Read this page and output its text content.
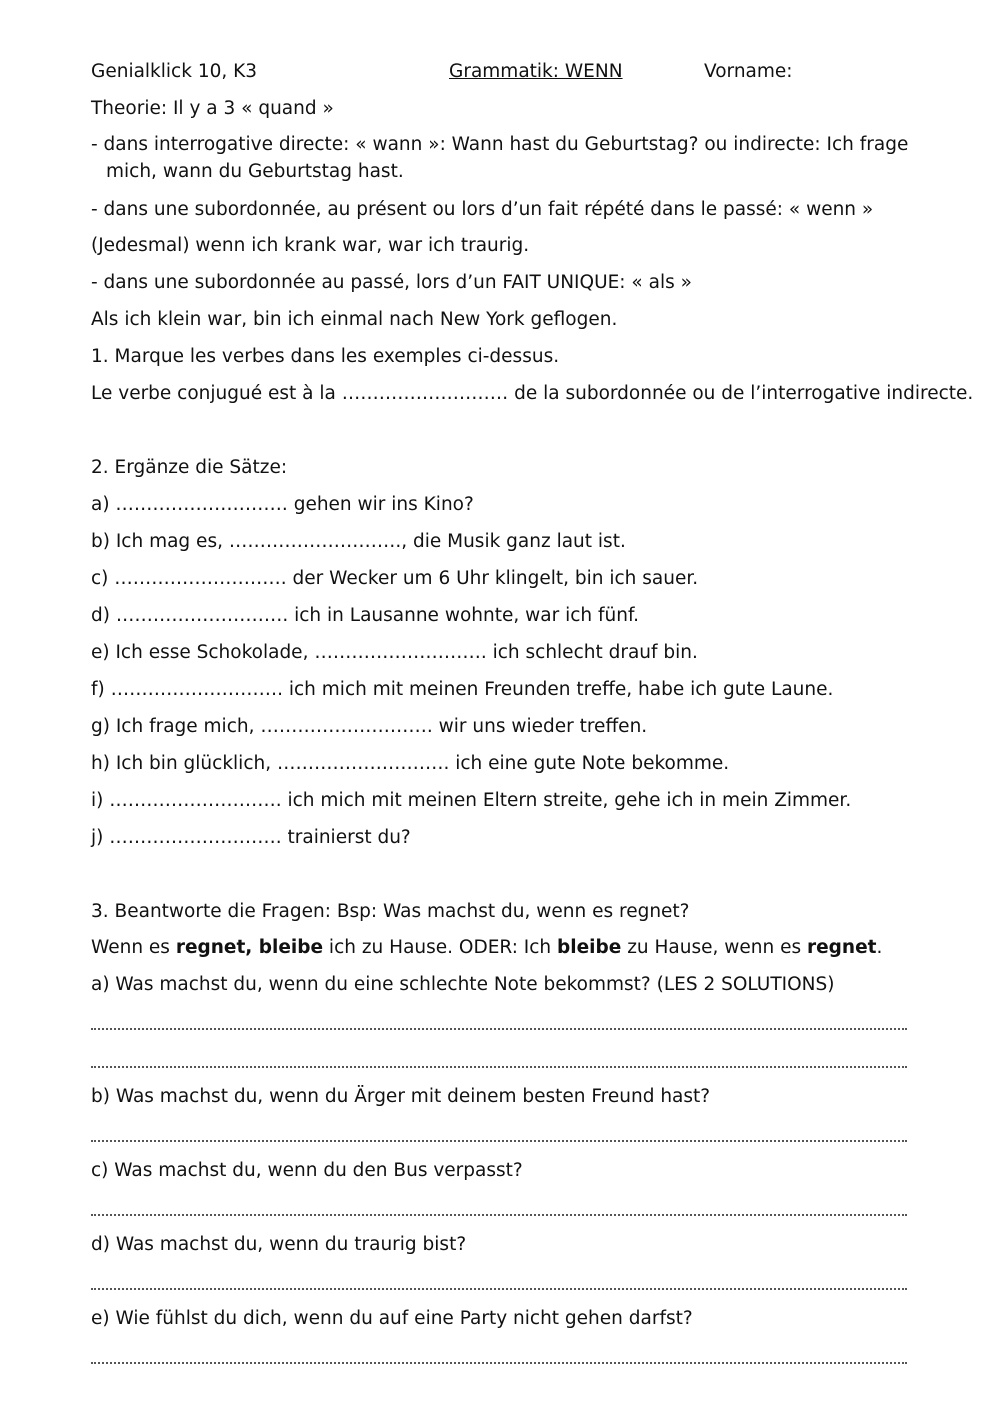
Genialklick 10, K3	Grammatik: WENN	Vorname:
Theorie: Il y a 3 « quand »
- dans interrogative directe: « wann »: Wann hast du Geburtstag? ou indirecte: Ich frage
mich, wann du Geburtstag hast.
- dans une subordonnée, au présent ou lors d’un fait répété dans le passé: « wenn »
(Jedesmal) wenn ich krank war, war ich traurig.
- dans une subordonnée au passé, lors d’un FAIT UNIQUE: « als »
Als ich klein war, bin ich einmal nach New York geflogen.
1. Marque les verbes dans les exemples ci-dessus.
Le verbe conjugué est à la ……………………… de la subordonnée ou de l’interrogative indirecte.
2. Ergänze die Sätze:
a) ………………………. gehen wir ins Kino?
b) Ich mag es, ………………………., die Musik ganz laut ist.
c) ………………………. der Wecker um 6 Uhr klingelt, bin ich sauer.
d) ………………………. ich in Lausanne wohnte, war ich fünf.
e) Ich esse Schokolade, ………………………. ich schlecht drauf bin.
f) ………………………. ich mich mit meinen Freunden treffe, habe ich gute Laune.
g) Ich frage mich, ………………………. wir uns wieder treffen.
h) Ich bin glücklich, ………………………. ich eine gute Note bekomme.
i) ………………………. ich mich mit meinen Eltern streite, gehe ich in mein Zimmer.
j) ………………………. trainierst du?
3. Beantworte die Fragen: Bsp: Was machst du, wenn es regnet?
Wenn es regnet, bleibe ich zu Hause. ODER: Ich bleibe zu Hause, wenn es regnet.
a) Was machst du, wenn du eine schlechte Note bekommst? (LES 2 SOLUTIONS)
b) Was machst du, wenn du Ärger mit deinem besten Freund hast?
c) Was machst du, wenn du den Bus verpasst?
d) Was machst du, wenn du traurig bist?
e) Wie fühlst du dich, wenn du auf eine Party nicht gehen darfst?
